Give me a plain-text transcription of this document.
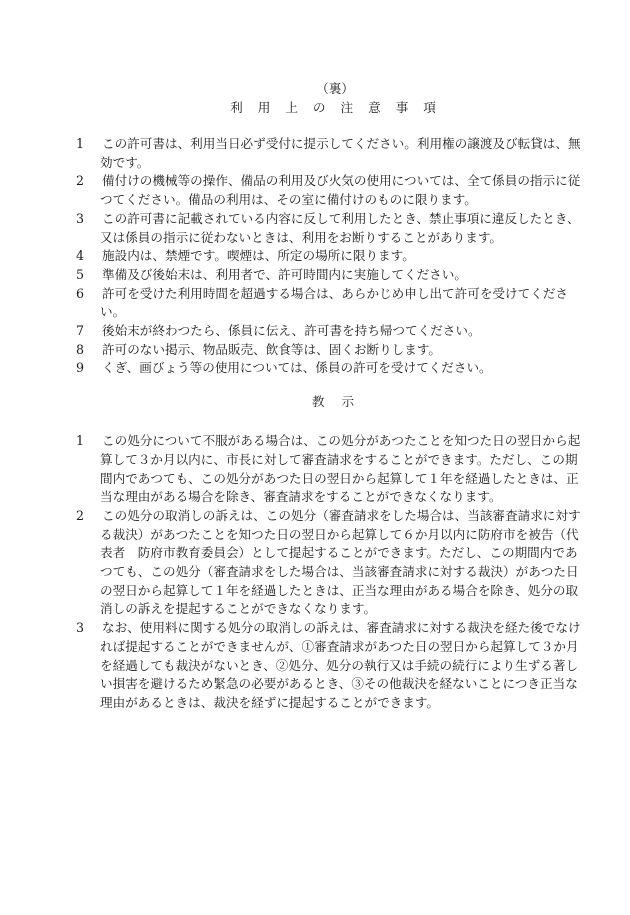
（裏）
利用上の注意事項
1 この許可書は、利用当日必ず受付に提示してください。利用権の譲渡及び転貸は、無効です。
2 備付けの機械等の操作、備品の利用及び火気の使用については、全て係員の指示に従つてください。備品の利用は、その室に備付けのものに限ります。
3 この許可書に記載されている内容に反して利用したとき、禁止事項に違反したとき、又は係員の指示に従わないときは、利用をお断りすることがあります。
4 施設内は、禁煙です。喫煙は、所定の場所に限ります。
5 準備及び後始末は、利用者で、許可時間内に実施してください。
6 許可を受けた利用時間を超過する場合は、あらかじめ申し出て許可を受けてください。
7 後始末が終わつたら、係員に伝え、許可書を持ち帰つてください。
8 許可のない掲示、物品販売、飲食等は、固くお断りします。
9 くぎ、画びょう等の使用については、係員の許可を受けてください。
教示
1 この処分について不服がある場合は、この処分があつたことを知つた日の翌日から起算して３か月以内に、市長に対して審査請求をすることができます。ただし、この期間内であつても、この処分があつた日の翌日から起算して１年を経過したときは、正当な理由がある場合を除き、審査請求をすることができなくなります。
2 この処分の取消しの訴えは、この処分（審査請求をした場合は、当該審査請求に対する裁決）があつたことを知つた日の翌日から起算して６か月以内に防府市を被告（代表者　防府市教育委員会）として提起することができます。ただし、この期間内であつても、この処分（審査請求をした場合は、当該審査請求に対する裁決）があつた日の翌日から起算して１年を経過したときは、正当な理由がある場合を除き、処分の取消しの訴えを提起することができなくなります。
3 なお、使用料に関する処分の取消しの訴えは、審査請求に対する裁決を経た後でなければ提起することができませんが、①審査請求があつた日の翌日から起算して３か月を経過しても裁決がないとき、②処分、処分の執行又は手続の続行により生ずる著しい損害を避けるため緊急の必要があるとき、③その他裁決を経ないことにつき正当な理由があるときは、裁決を経ずに提起することができます。
